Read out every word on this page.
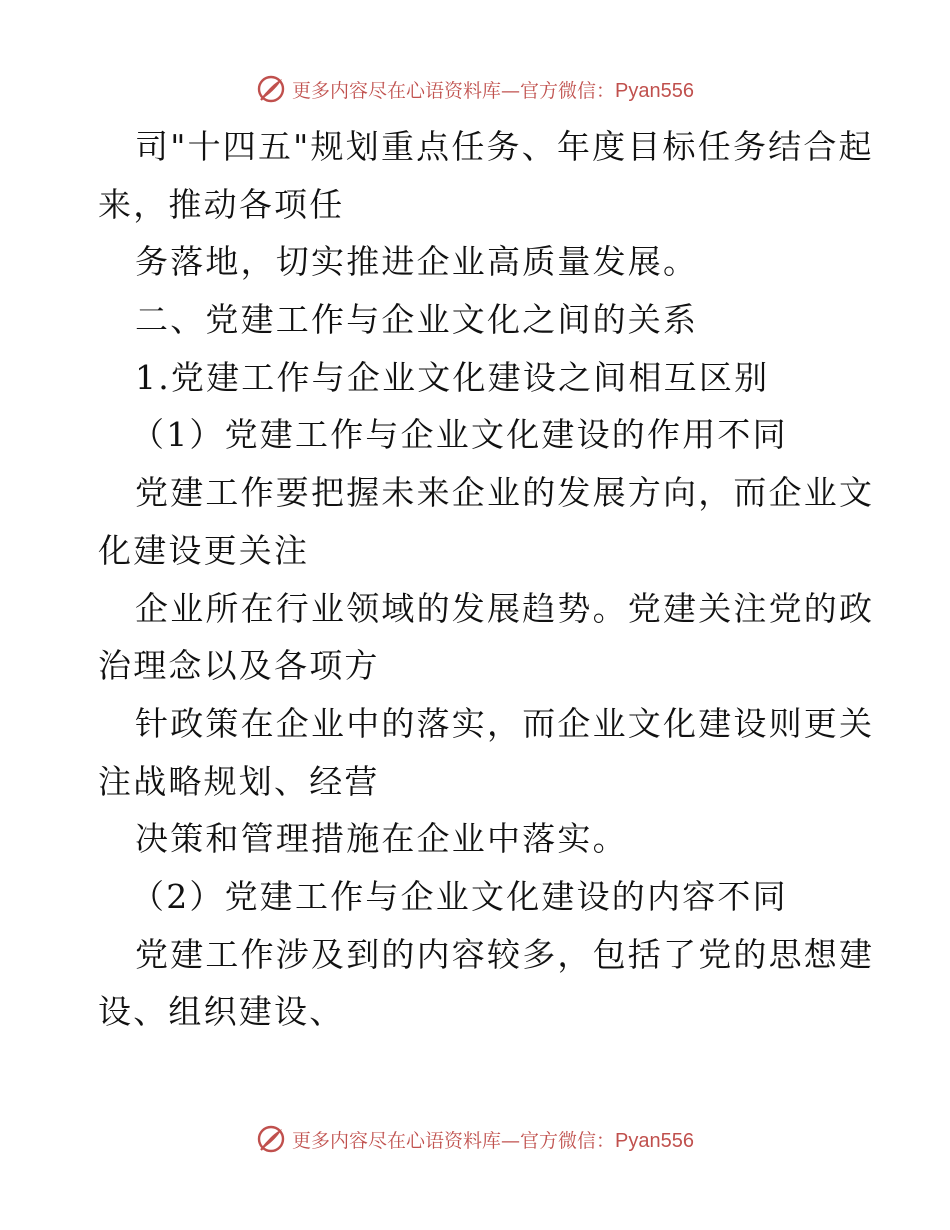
更多内容尽在心语资料库—官方微信：Pyan556
司"十四五"规划重点任务、年度目标任务结合起
来，推动各项任
务落地，切实推进企业高质量发展。
二、党建工作与企业文化之间的关系
1.党建工作与企业文化建设之间相互区别
（1）党建工作与企业文化建设的作用不同
党建工作要把握未来企业的发展方向，而企业文
化建设更关注
企业所在行业领域的发展趋势。党建关注党的政
治理念以及各项方
针政策在企业中的落实，而企业文化建设则更关
注战略规划、经营
决策和管理措施在企业中落实。
（2）党建工作与企业文化建设的内容不同
党建工作涉及到的内容较多，包括了党的思想建
设、组织建设、
更多内容尽在心语资料库—官方微信：Pyan556
